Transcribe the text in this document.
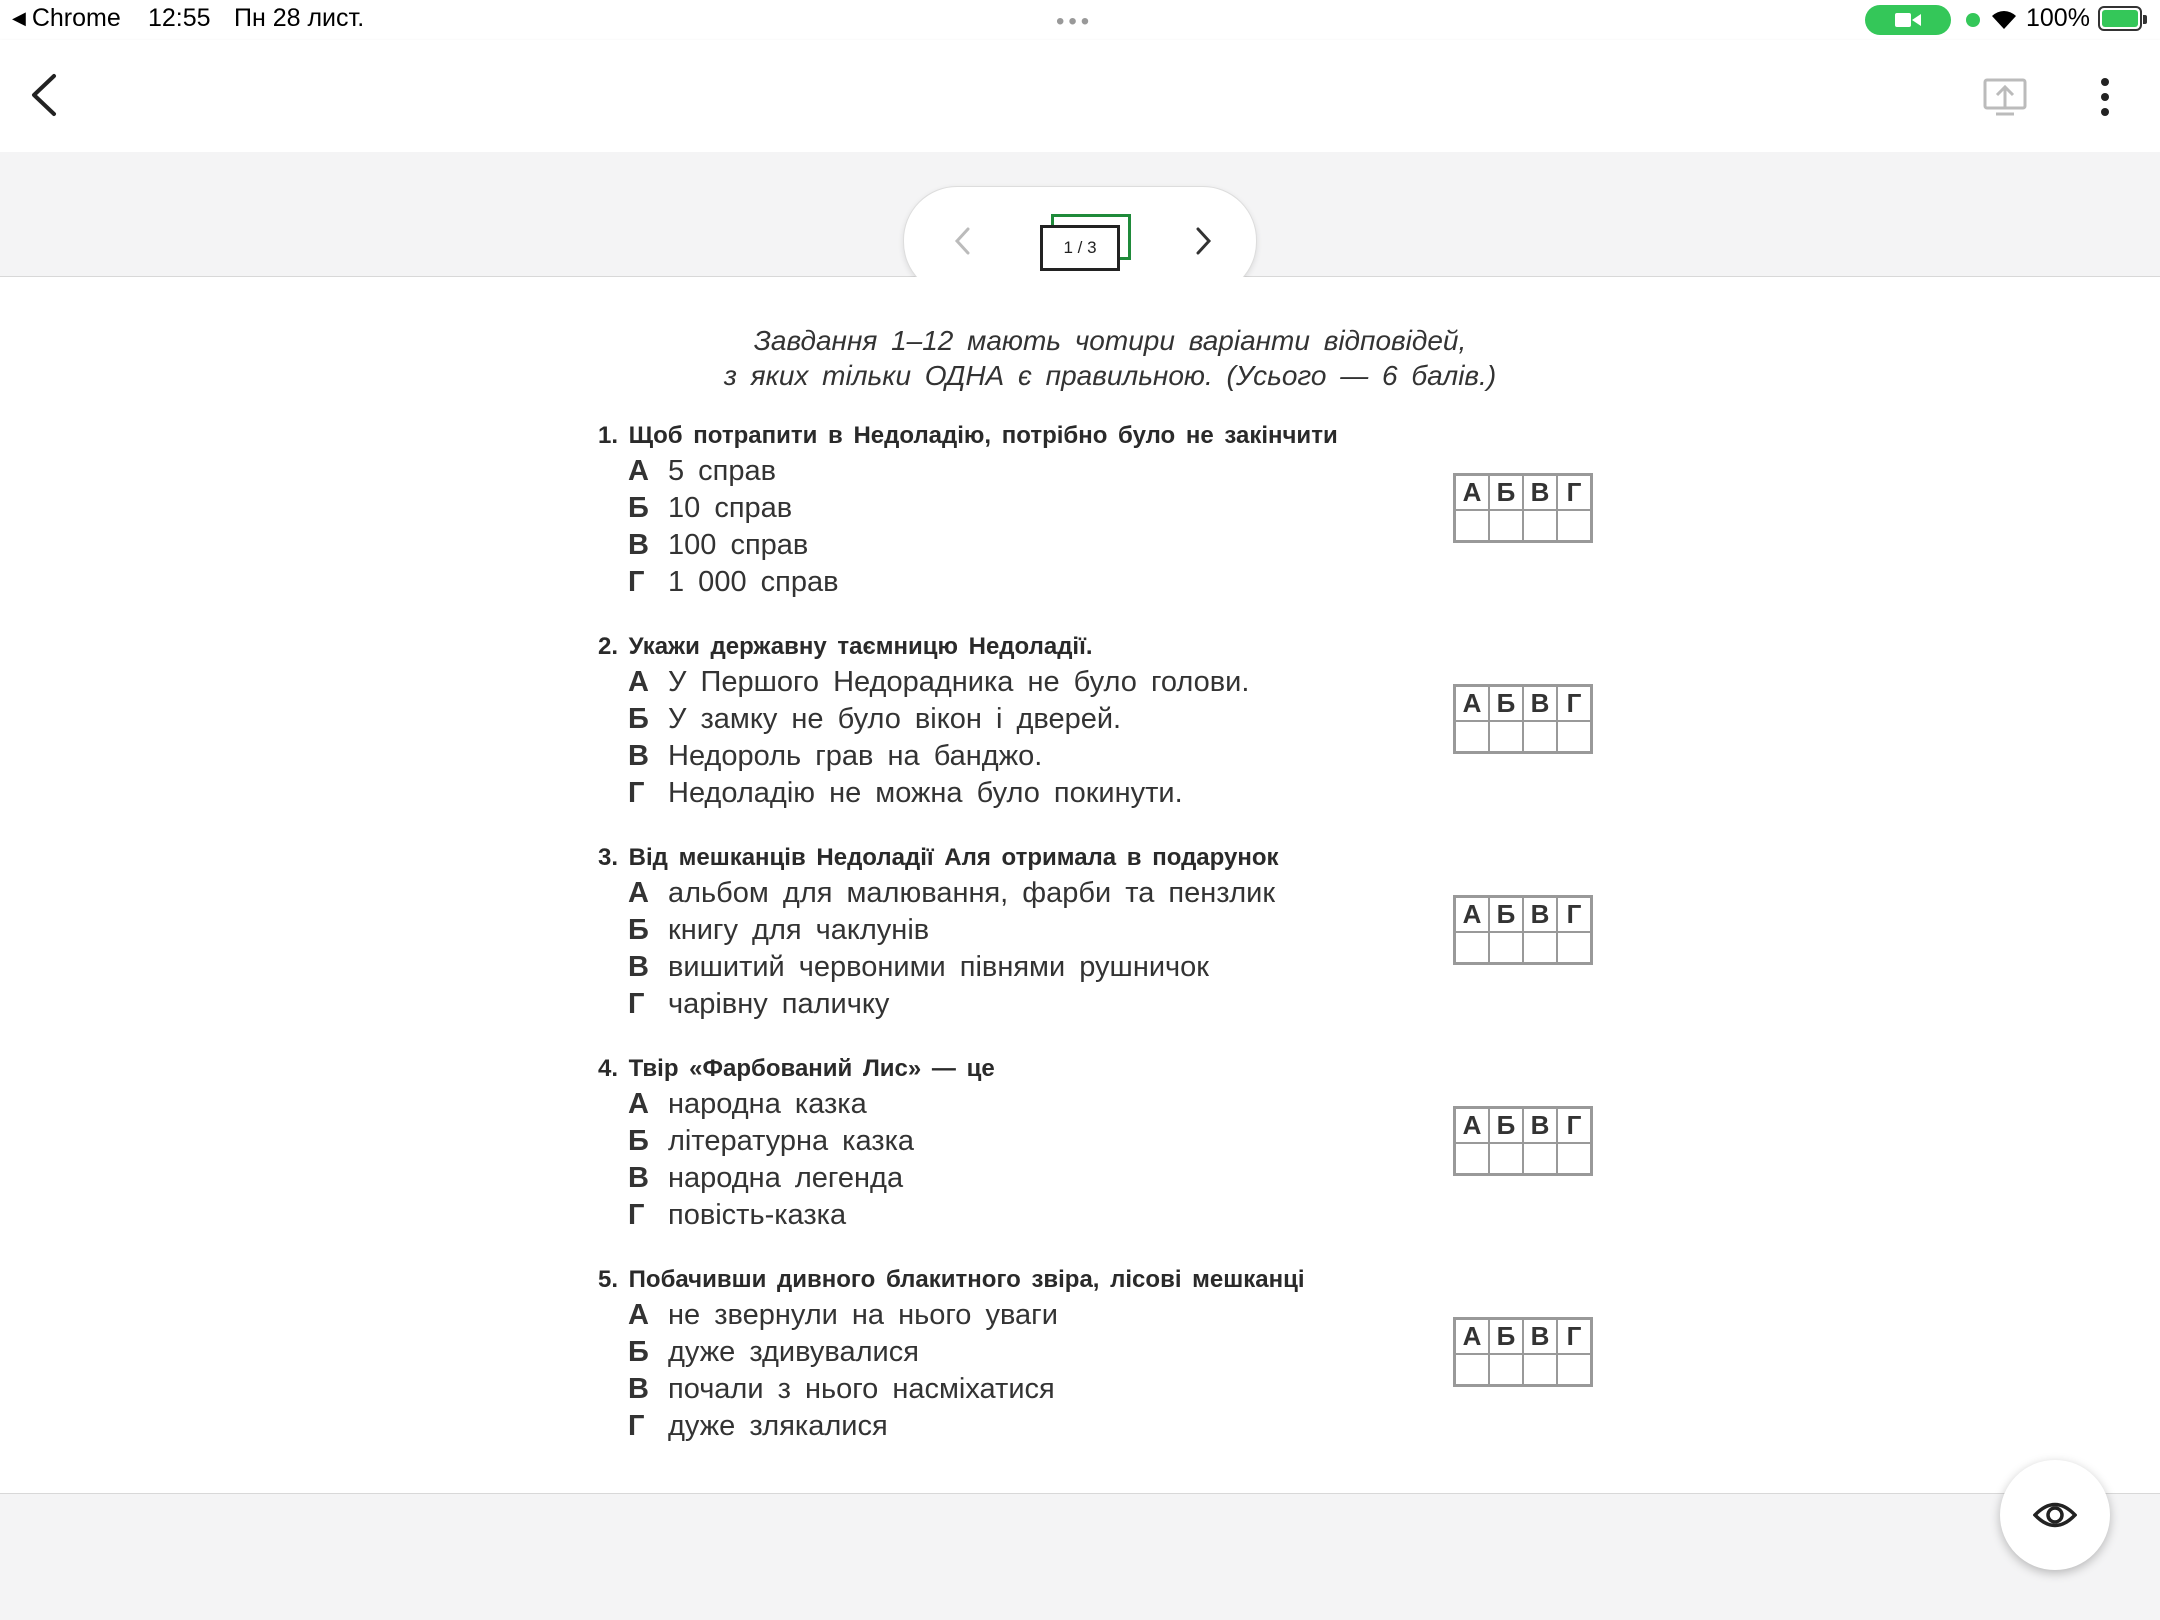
◀ Chrome 12:55 Пн 28 лист.	•••	100%
1 / 3
Завдання 1–12 мають чотири варіанти відповідей,
з яких тільки ОДНА є правильною. (Усього — 6 балів.)
1. Щоб потрапити в Недоладію, потрібно було не закінчити
А 5 справ
Б 10 справ
В 100 справ
Г 1 000 справ
А Б В Г
2. Укажи державну таємницю Недоладії.
А У Першого Недорадника не було голови.
Б У замку не було вікон і дверей.
В Недороль грав на банджо.
Г Недоладію не можна було покинути.
А Б В Г
3. Від мешканців Недоладії Аля отримала в подарунок
А альбом для малювання, фарби та пензлик
Б книгу для чаклунів
В вишитий червоними півнями рушничок
Г чарівну паличку
А Б В Г
4. Твір «Фарбований Лис» — це
А народна казка
Б літературна казка
В народна легенда
Г повість-казка
А Б В Г
5. Побачивши дивного блакитного звіра, лісові мешканці
А не звернули на нього уваги
Б дуже здивувалися
В почали з нього насміхатися
Г дуже злякалися
А Б В Г
